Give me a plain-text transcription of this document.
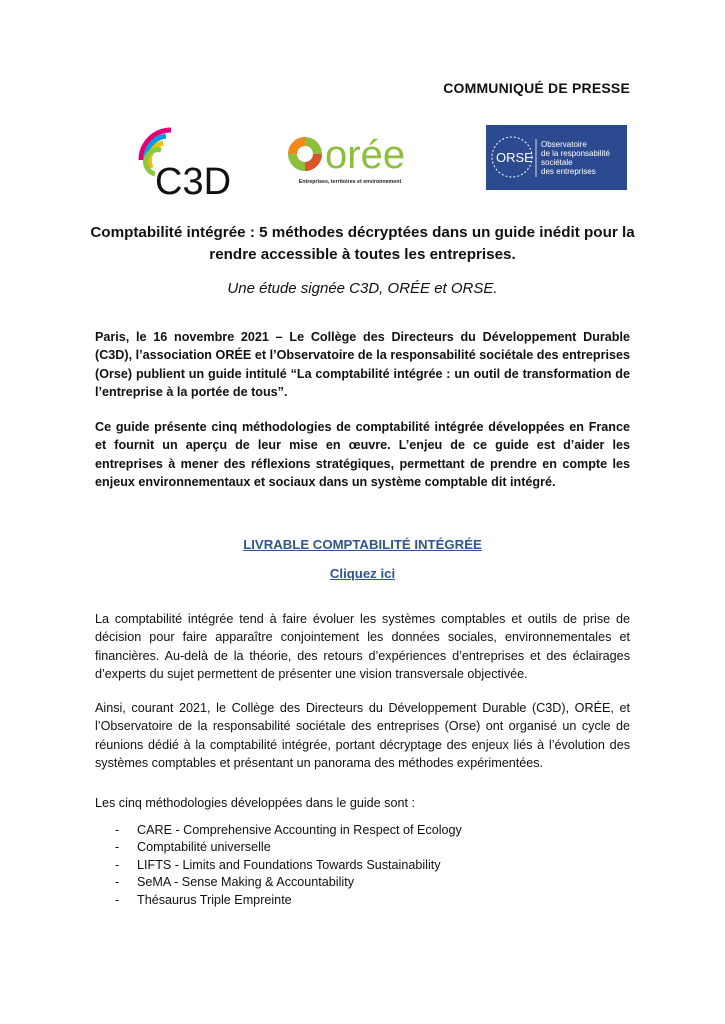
COMMUNIQUÉ DE PRESSE
C3D
orée
Entreprises, territoires et environnement
ORSE
Observatoire
de la responsabilité
sociétale
des entreprises
Comptabilité intégrée : 5 méthodes décryptées dans un guide inédit pour la
rendre accessible à toutes les entreprises.
Une étude signée C3D, ORÉE et ORSE.
Paris, le 16 novembre 2021 – Le Collège des Directeurs du Développement Durable (C3D), l’association ORÉE et l’Observatoire de la responsabilité sociétale des entreprises (Orse) publient un guide intitulé “La comptabilité intégrée : un outil de transformation de l’entreprise à la portée de tous”.
Ce guide présente cinq méthodologies de comptabilité intégrée développées en France et fournit un aperçu de leur mise en œuvre. L’enjeu de ce guide est d’aider les entreprises à mener des réflexions stratégiques, permettant de prendre en compte les enjeux environnementaux et sociaux dans un système comptable dit intégré.
LIVRABLE COMPTABILITÉ INTÉGRÉE
Cliquez ici
La comptabilité intégrée tend à faire évoluer les systèmes comptables et outils de prise de décision pour faire apparaître conjointement les données sociales, environnementales et financières. Au-delà de la théorie, des retours d’expériences d’entreprises et des éclairages d’experts du sujet permettent de présenter une vision transversale objectivée.
Ainsi, courant 2021, le Collège des Directeurs du Développement Durable (C3D), ORÉE, et l’Observatoire de la responsabilité sociétale des entreprises (Orse) ont organisé un cycle de réunions dédié à la comptabilité intégrée, portant décryptage des enjeux liés à l’évolution des systèmes comptables et présentant un panorama des méthodes expérimentées.
Les cinq méthodologies développées dans le guide sont :
-	CARE - Comprehensive Accounting in Respect of Ecology
-	Comptabilité universelle
-	LIFTS - Limits and Foundations Towards Sustainability
-	SeMA - Sense Making & Accountability
-	Thésaurus Triple Empreinte
